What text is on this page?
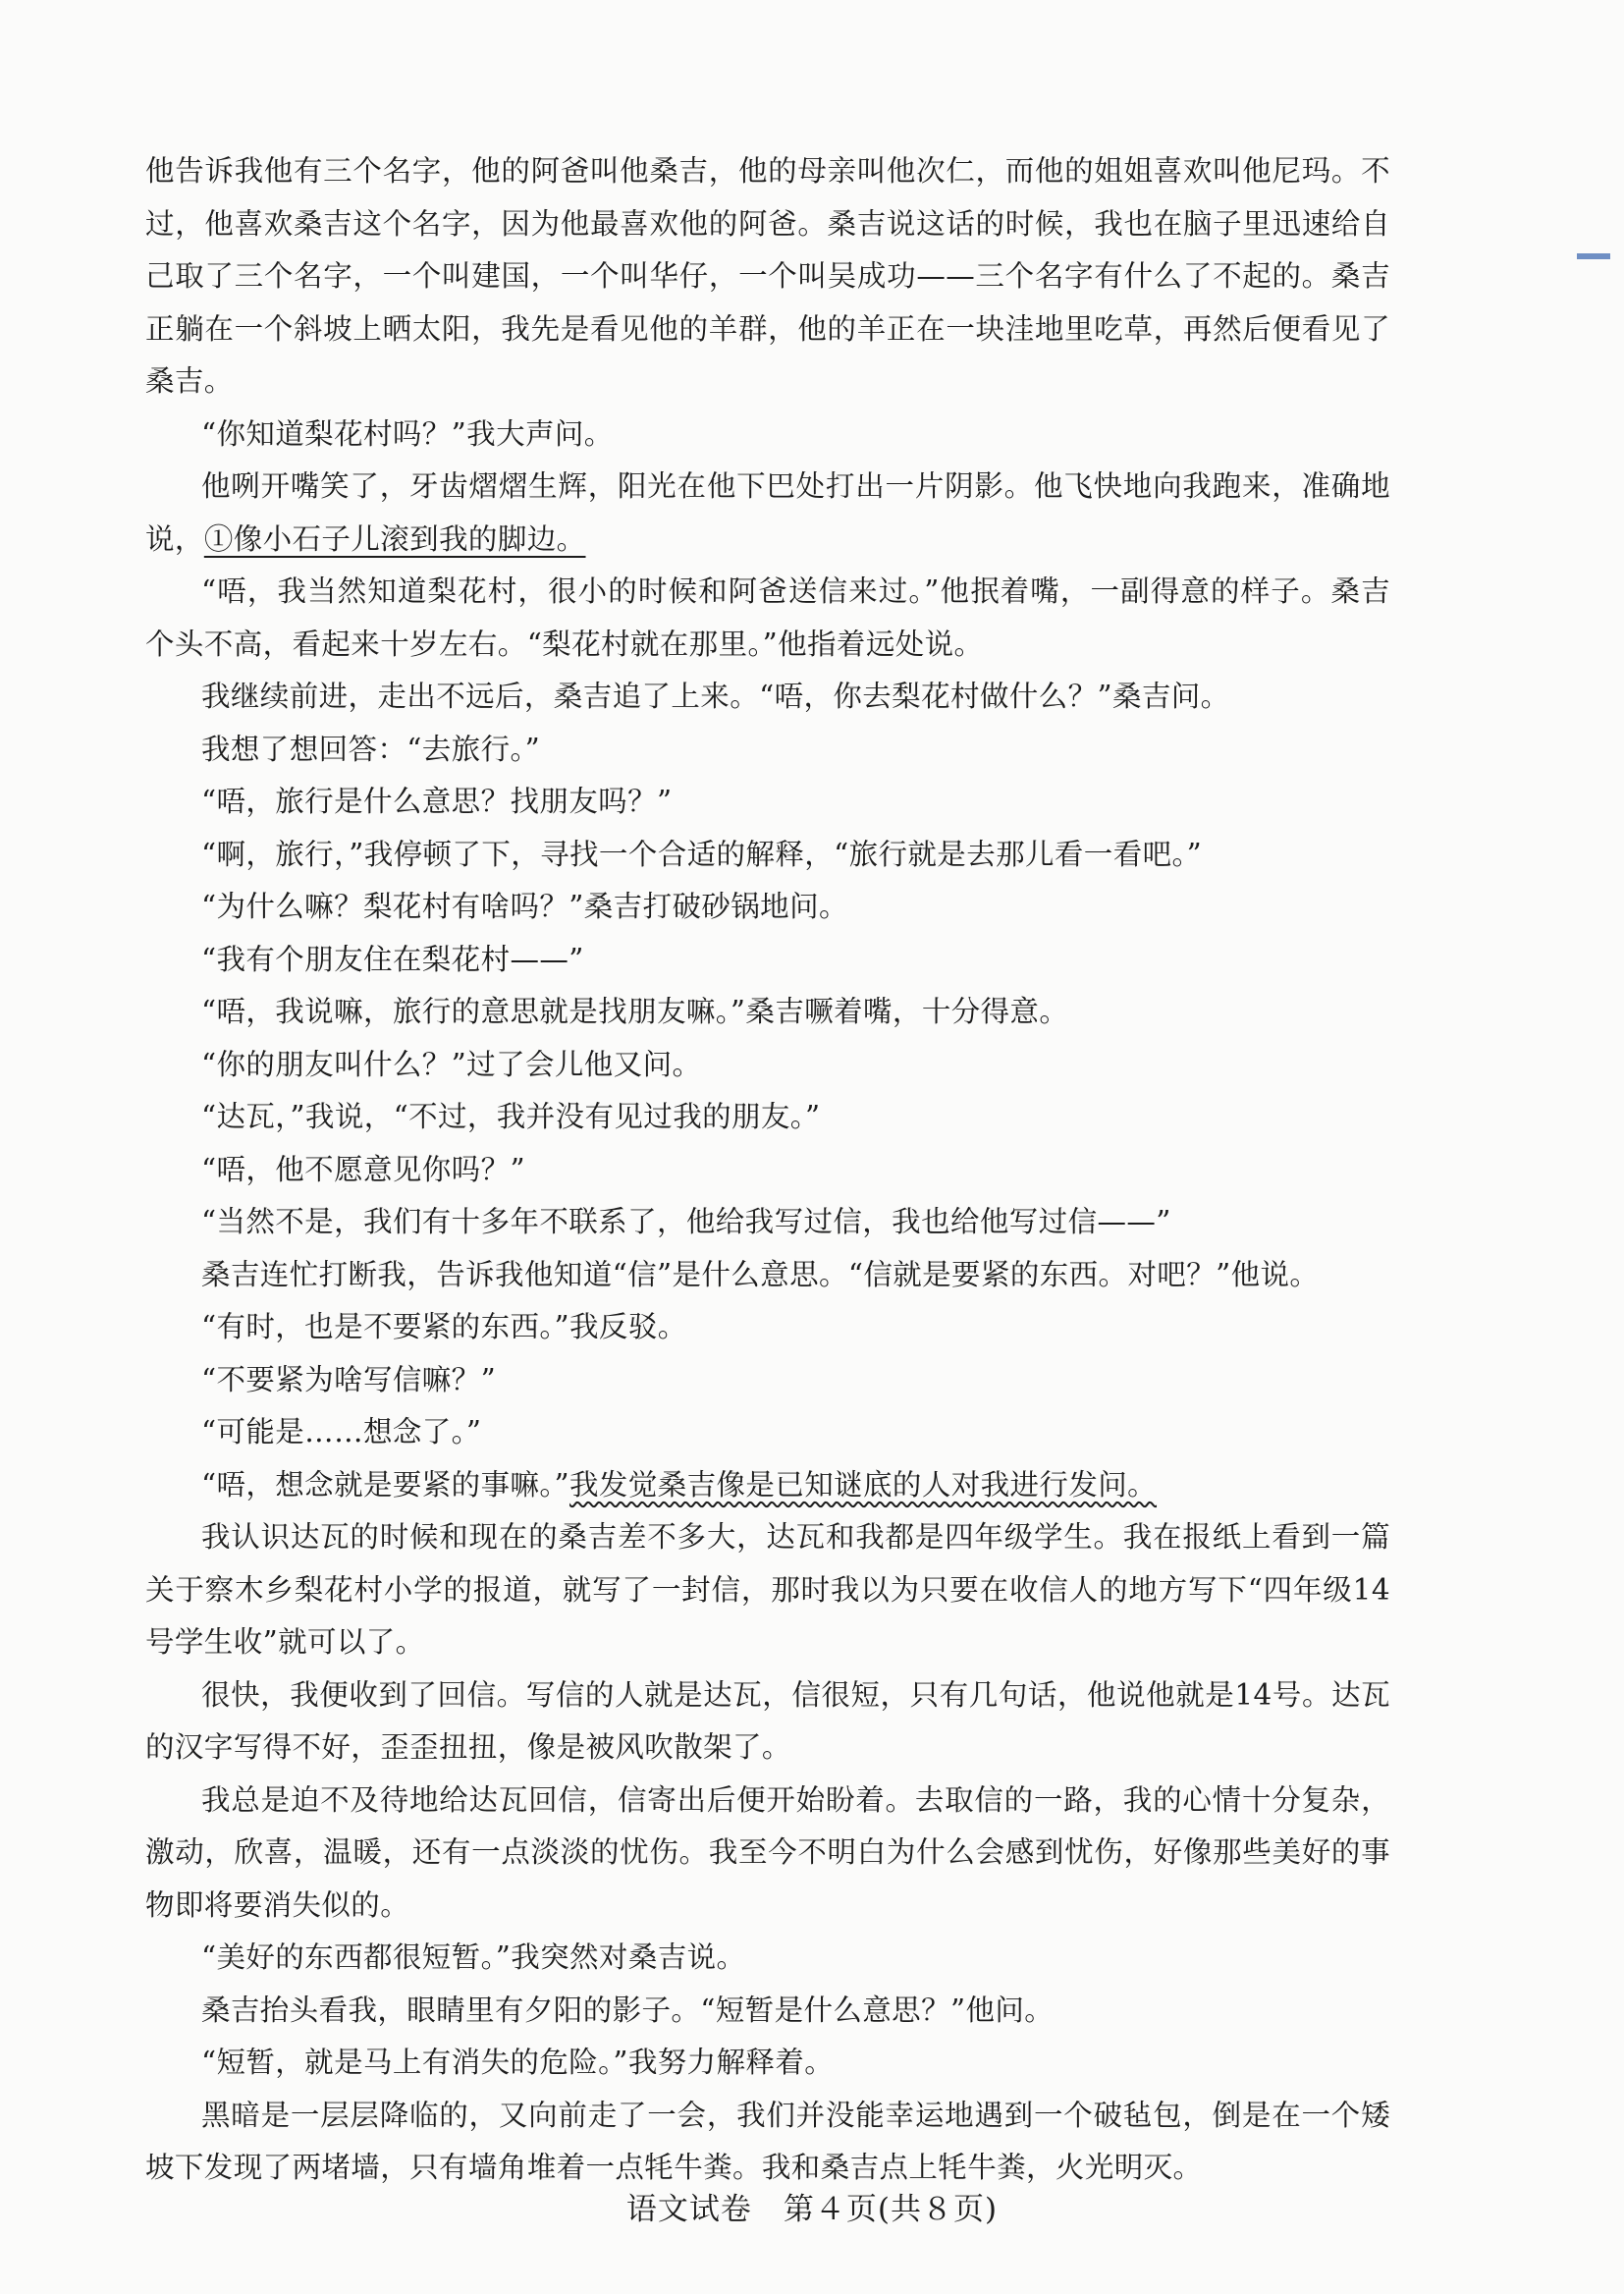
他告诉我他有三个名字，他的阿爸叫他桑吉，他的母亲叫他次仁，而他的姐姐喜欢叫他尼玛。不过，他喜欢桑吉这个名字，因为他最喜欢他的阿爸。桑吉说这话的时候，我也在脑子里迅速给自己取了三个名字，一个叫建国，一个叫华仔，一个叫吴成功——三个名字有什么了不起的。桑吉正躺在一个斜坡上晒太阳，我先是看见他的羊群，他的羊正在一块洼地里吃草，再然后便看见了桑吉。

“你知道梨花村吗？”我大声问。

他咧开嘴笑了，牙齿熠熠生辉，阳光在他下巴处打出一片阴影。他飞快地向我跑来，准确地说，①像小石子儿滚到我的脚边。

“唔，我当然知道梨花村，很小的时候和阿爸送信来过。”他抿着嘴，一副得意的样子。桑吉个头不高，看起来十岁左右。“梨花村就在那里。”他指着远处说。

我继续前进，走出不远后，桑吉追了上来。“唔，你去梨花村做什么？”桑吉问。

我想了想回答：“去旅行。”

“唔，旅行是什么意思？找朋友吗？”

“啊，旅行，”我停顿了下，寻找一个合适的解释，“旅行就是去那儿看一看吧。”

“为什么嘛？梨花村有啥吗？”桑吉打破砂锅地问。

“我有个朋友住在梨花村——”

“唔，我说嘛，旅行的意思就是找朋友嘛。”桑吉噘着嘴，十分得意。

“你的朋友叫什么？”过了会儿他又问。

“达瓦，”我说，“不过，我并没有见过我的朋友。”

“唔，他不愿意见你吗？”

“当然不是，我们有十多年不联系了，他给我写过信，我也给他写过信——”

桑吉连忙打断我，告诉我他知道“信”是什么意思。“信就是要紧的东西。对吧？”他说。

“有时，也是不要紧的东西。”我反驳。

“不要紧为啥写信嘛？”

“可能是……想念了。”

“唔，想念就是要紧的事嘛。”我发觉桑吉像是已知谜底的人对我进行发问。

我认识达瓦的时候和现在的桑吉差不多大，达瓦和我都是四年级学生。我在报纸上看到一篇关于察木乡梨花村小学的报道，就写了一封信，那时我以为只要在收信人的地方写下“四年级14号学生收”就可以了。

很快，我便收到了回信。写信的人就是达瓦，信很短，只有几句话，他说他就是14号。达瓦的汉字写得不好，歪歪扭扭，像是被风吹散架了。

我总是迫不及待地给达瓦回信，信寄出后便开始盼着。去取信的一路，我的心情十分复杂，激动，欣喜，温暖，还有一点淡淡的忧伤。我至今不明白为什么会感到忧伤，好像那些美好的事物即将要消失似的。

“美好的东西都很短暂。”我突然对桑吉说。

桑吉抬头看我，眼睛里有夕阳的影子。“短暂是什么意思？”他问。

“短暂，就是马上有消失的危险。”我努力解释着。

黑暗是一层层降临的，又向前走了一会，我们并没能幸运地遇到一个破毡包，倒是在一个矮坡下发现了两堵墙，只有墙角堆着一点牦牛粪。我和桑吉点上牦牛粪，火光明灭。

语文试卷　第４页(共８页)
